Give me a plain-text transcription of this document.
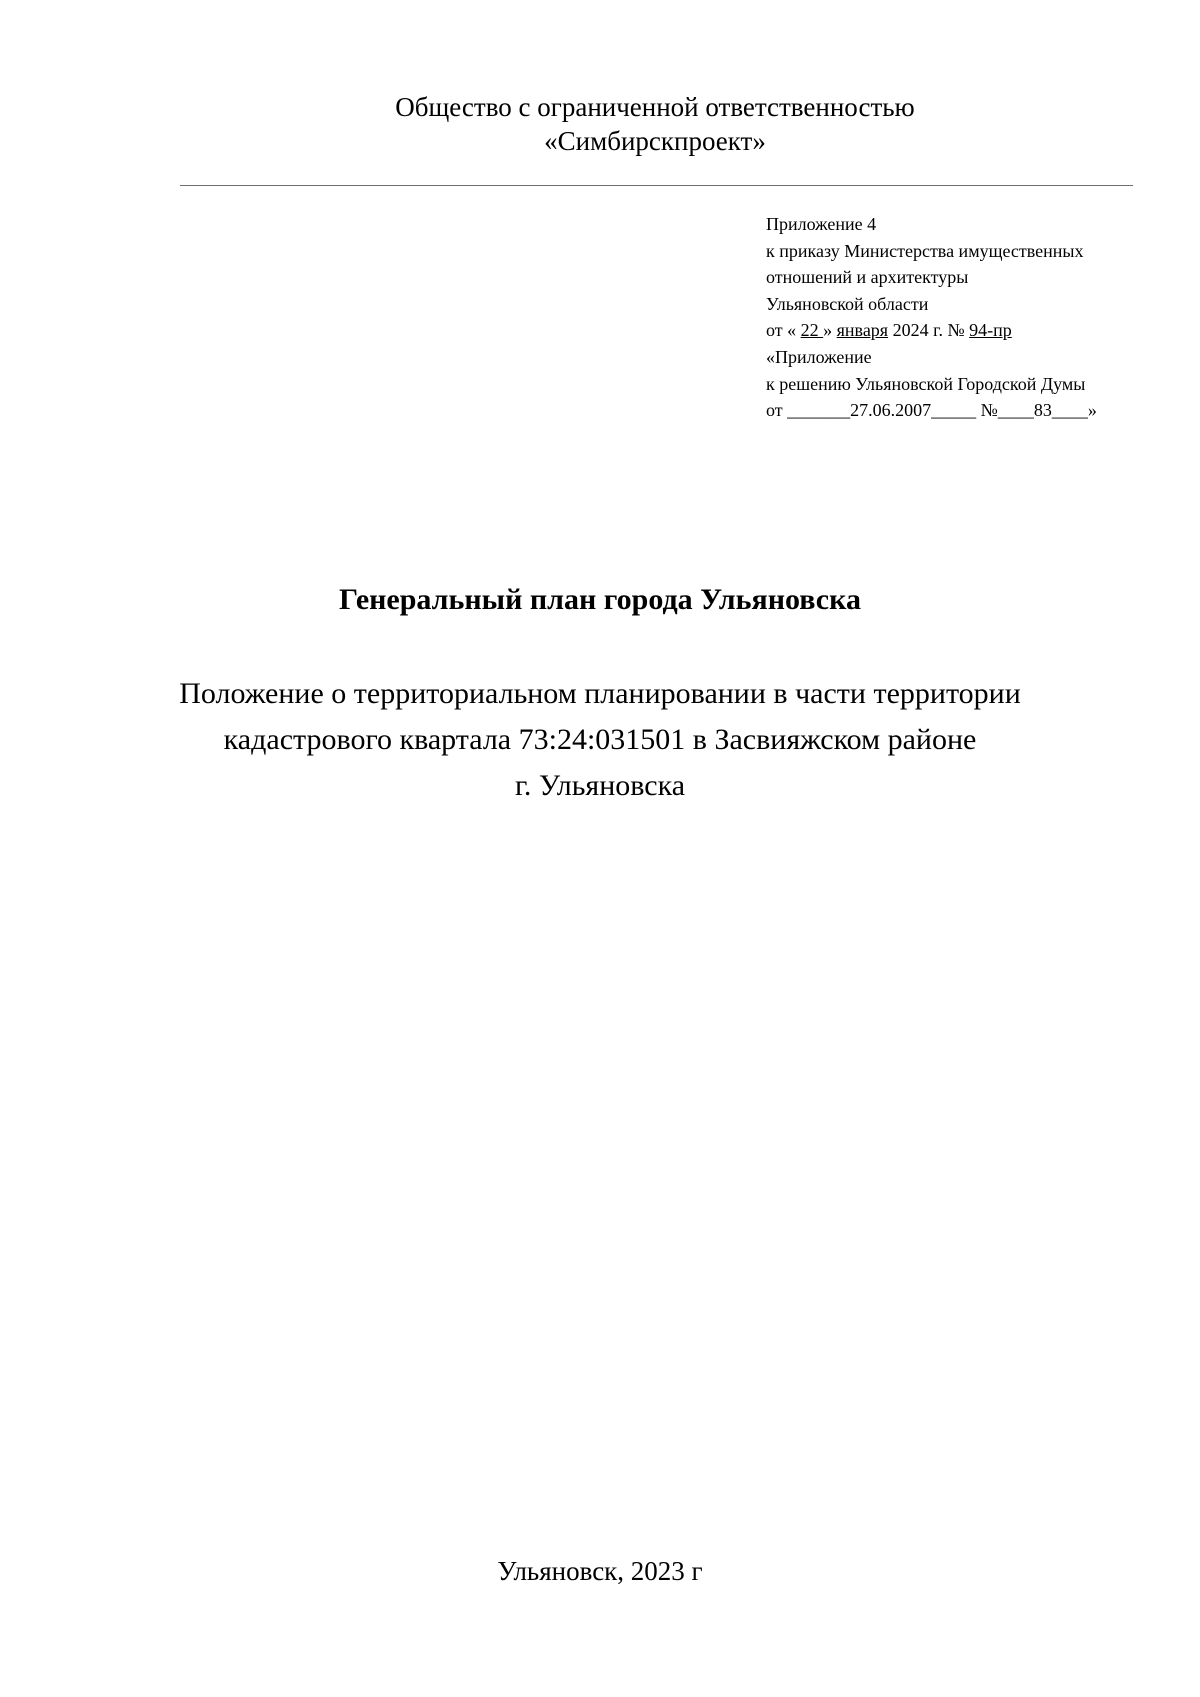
Общество с ограниченной ответственностью
«Симбирскпроект»
Приложение 4
к приказу Министерства имущественных
отношений и архитектуры
Ульяновской области
от « 22 » января 2024 г. № 94-пр
«Приложение
к решению Ульяновской Городской Думы
от _______27.06.2007_____ №____83____»
Генеральный план города Ульяновска
Положение о территориальном планировании в части территории
кадастрового квартала 73:24:031501 в Засвияжском районе
г. Ульяновска
Ульяновск, 2023 г
